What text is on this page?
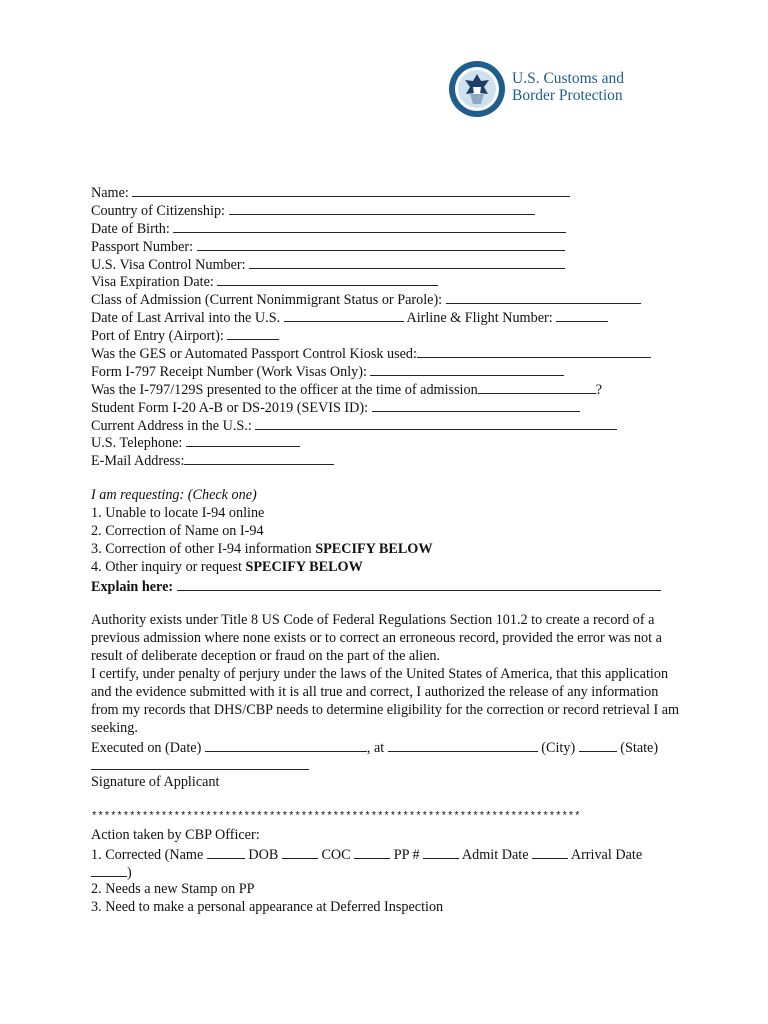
U.S. Customs and
Border Protection
Name:
Country of Citizenship:
Date of Birth:
Passport Number:
U.S. Visa Control Number:
Visa Expiration Date:
Class of Admission (Current Nonimmigrant Status or Parole):
Date of Last Arrival into the U.S.	Airline & Flight Number:
Port of Entry (Airport):
Was the GES or Automated Passport Control Kiosk used:
Form I-797 Receipt Number (Work Visas Only):
Was the I-797/129S presented to the officer at the time of admission	?
Student Form I-20 A-B or DS-2019 (SEVIS ID):
Current Address in the U.S.:
U.S. Telephone:
E-Mail Address:
I am requesting: (Check one)
1. Unable to locate I-94 online
2. Correction of Name on I-94
3. Correction of other I-94 information SPECIFY BELOW
4. Other inquiry or request SPECIFY BELOW
Explain here:
Authority exists under Title 8 US Code of Federal Regulations Section 101.2 to create a record of a previous admission where none exists or to correct an erroneous record, provided the error was not a result of deliberate deception or fraud on the part of the alien.
I certify, under penalty of perjury under the laws of the United States of America, that this application and the evidence submitted with it is all true and correct, I authorized the release of any information from my records that DHS/CBP needs to determine eligibility for the correction or record retrieval I am seeking.
Executed on (Date)	, at	(City)	(State)
Signature of Applicant
*****************************************************************************
Action taken by CBP Officer:
1. Corrected (Name	DOB	COC	PP #	Admit Date	Arrival Date
)
2. Needs a new Stamp on PP
3. Need to make a personal appearance at Deferred Inspection
